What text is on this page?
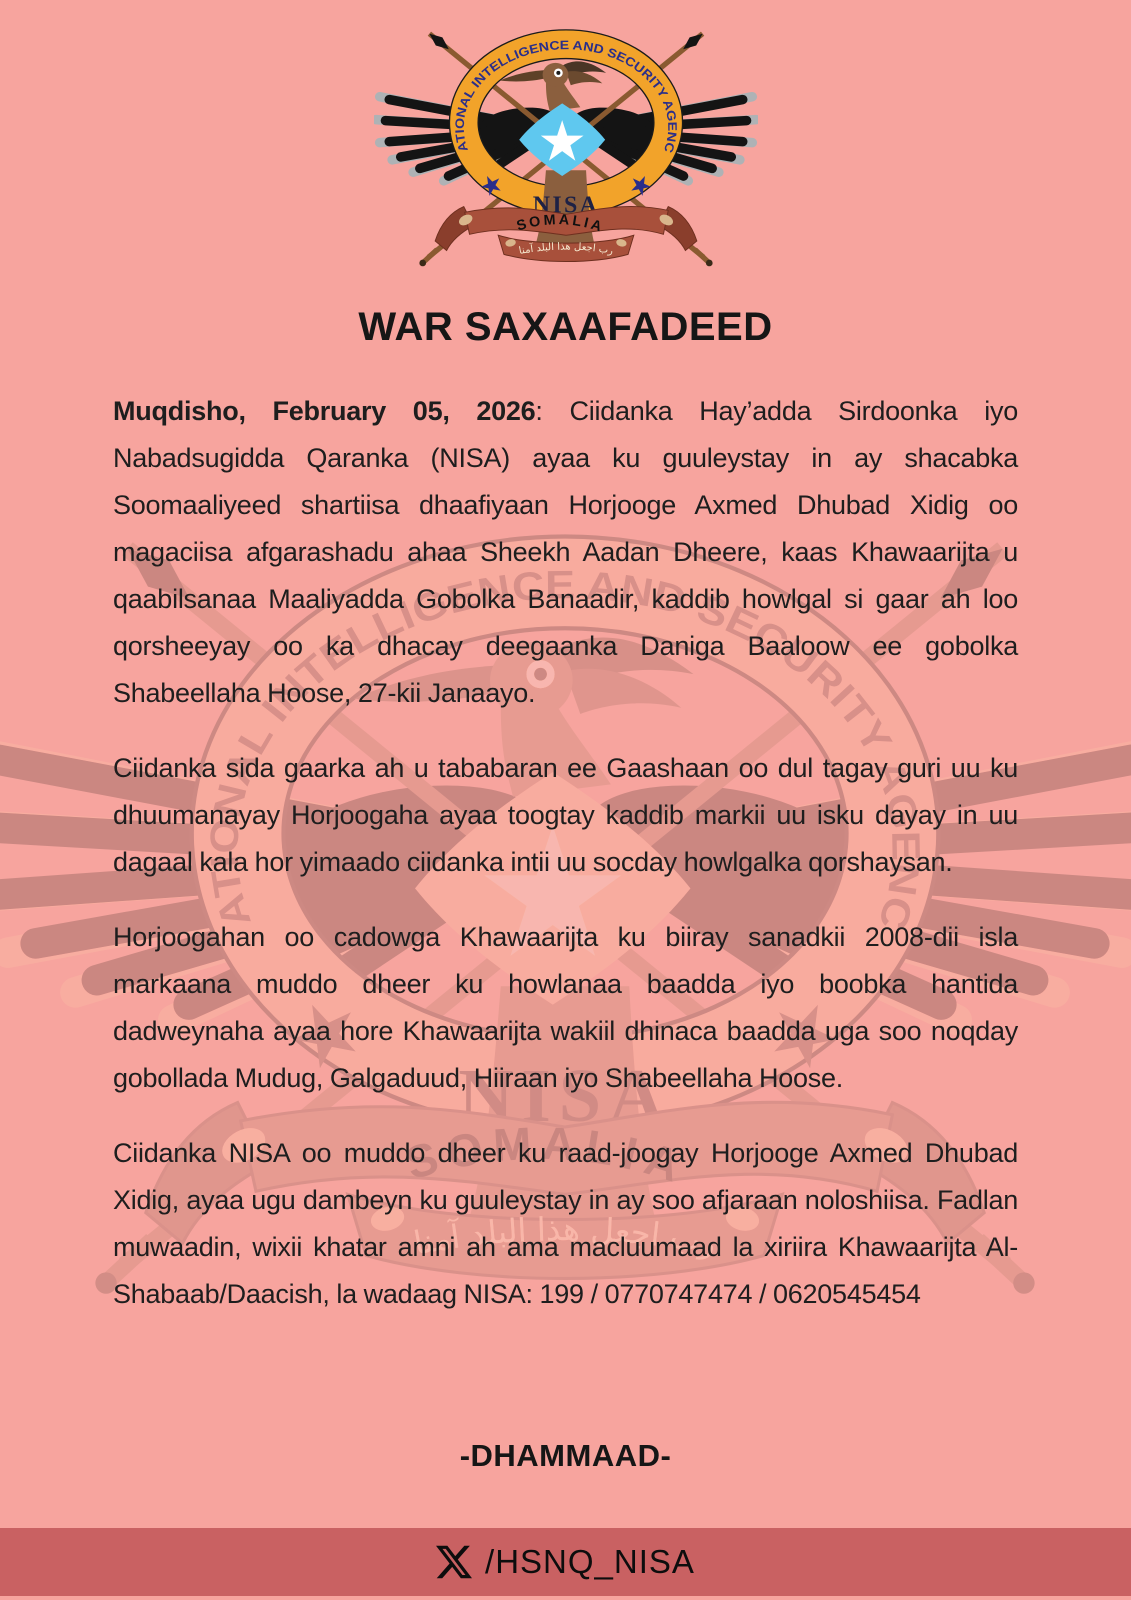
WAR SAXAAFADEED

Muqdisho, February 05, 2026: Ciidanka Hay’adda Sirdoonka iyo Nabadsugidda Qaranka (NISA) ayaa ku guuleystay in ay shacabka Soomaaliyeed shartiisa dhaafiyaan Horjooge Axmed Dhubad Xidig oo magaciisa afgarashadu ahaa Sheekh Aadan Dheere, kaas Khawaarijta u qaabilsanaa Maaliyadda Gobolka Banaadir, kaddib howlgal si gaar ah loo qorsheeyay oo ka dhacay deegaanka Daniga Baaloow ee gobolka Shabeellaha Hoose, 27-kii Janaayo.

Ciidanka sida gaarka ah u tababaran ee Gaashaan oo dul tagay guri uu ku dhuumanayay Horjoogaha ayaa toogtay kaddib markii uu isku dayay in uu dagaal kala hor yimaado ciidanka intii uu socday howlgalka qorshaysan.

Horjoogahan oo cadowga Khawaarijta ku biiray sanadkii 2008-dii isla markaana muddo dheer ku howlanaa baadda iyo boobka hantida dadweynaha ayaa hore Khawaarijta wakiil dhinaca baadda uga soo noqday gobollada Mudug, Galgaduud, Hiiraan iyo Shabeellaha Hoose.

Ciidanka NISA oo muddo dheer ku raad-joogay Horjooge Axmed Dhubad Xidig, ayaa ugu dambeyn ku guuleystay in ay soo afjaraan noloshiisa. Fadlan muwaadin, wixii khatar amni ah ama macluumaad la xiriira Khawaarijta Al-Shabaab/Daacish, la wadaag NISA: 199 / 0770747474 / 0620545454

-DHAMMAAD-
/HSNQ_NISA
